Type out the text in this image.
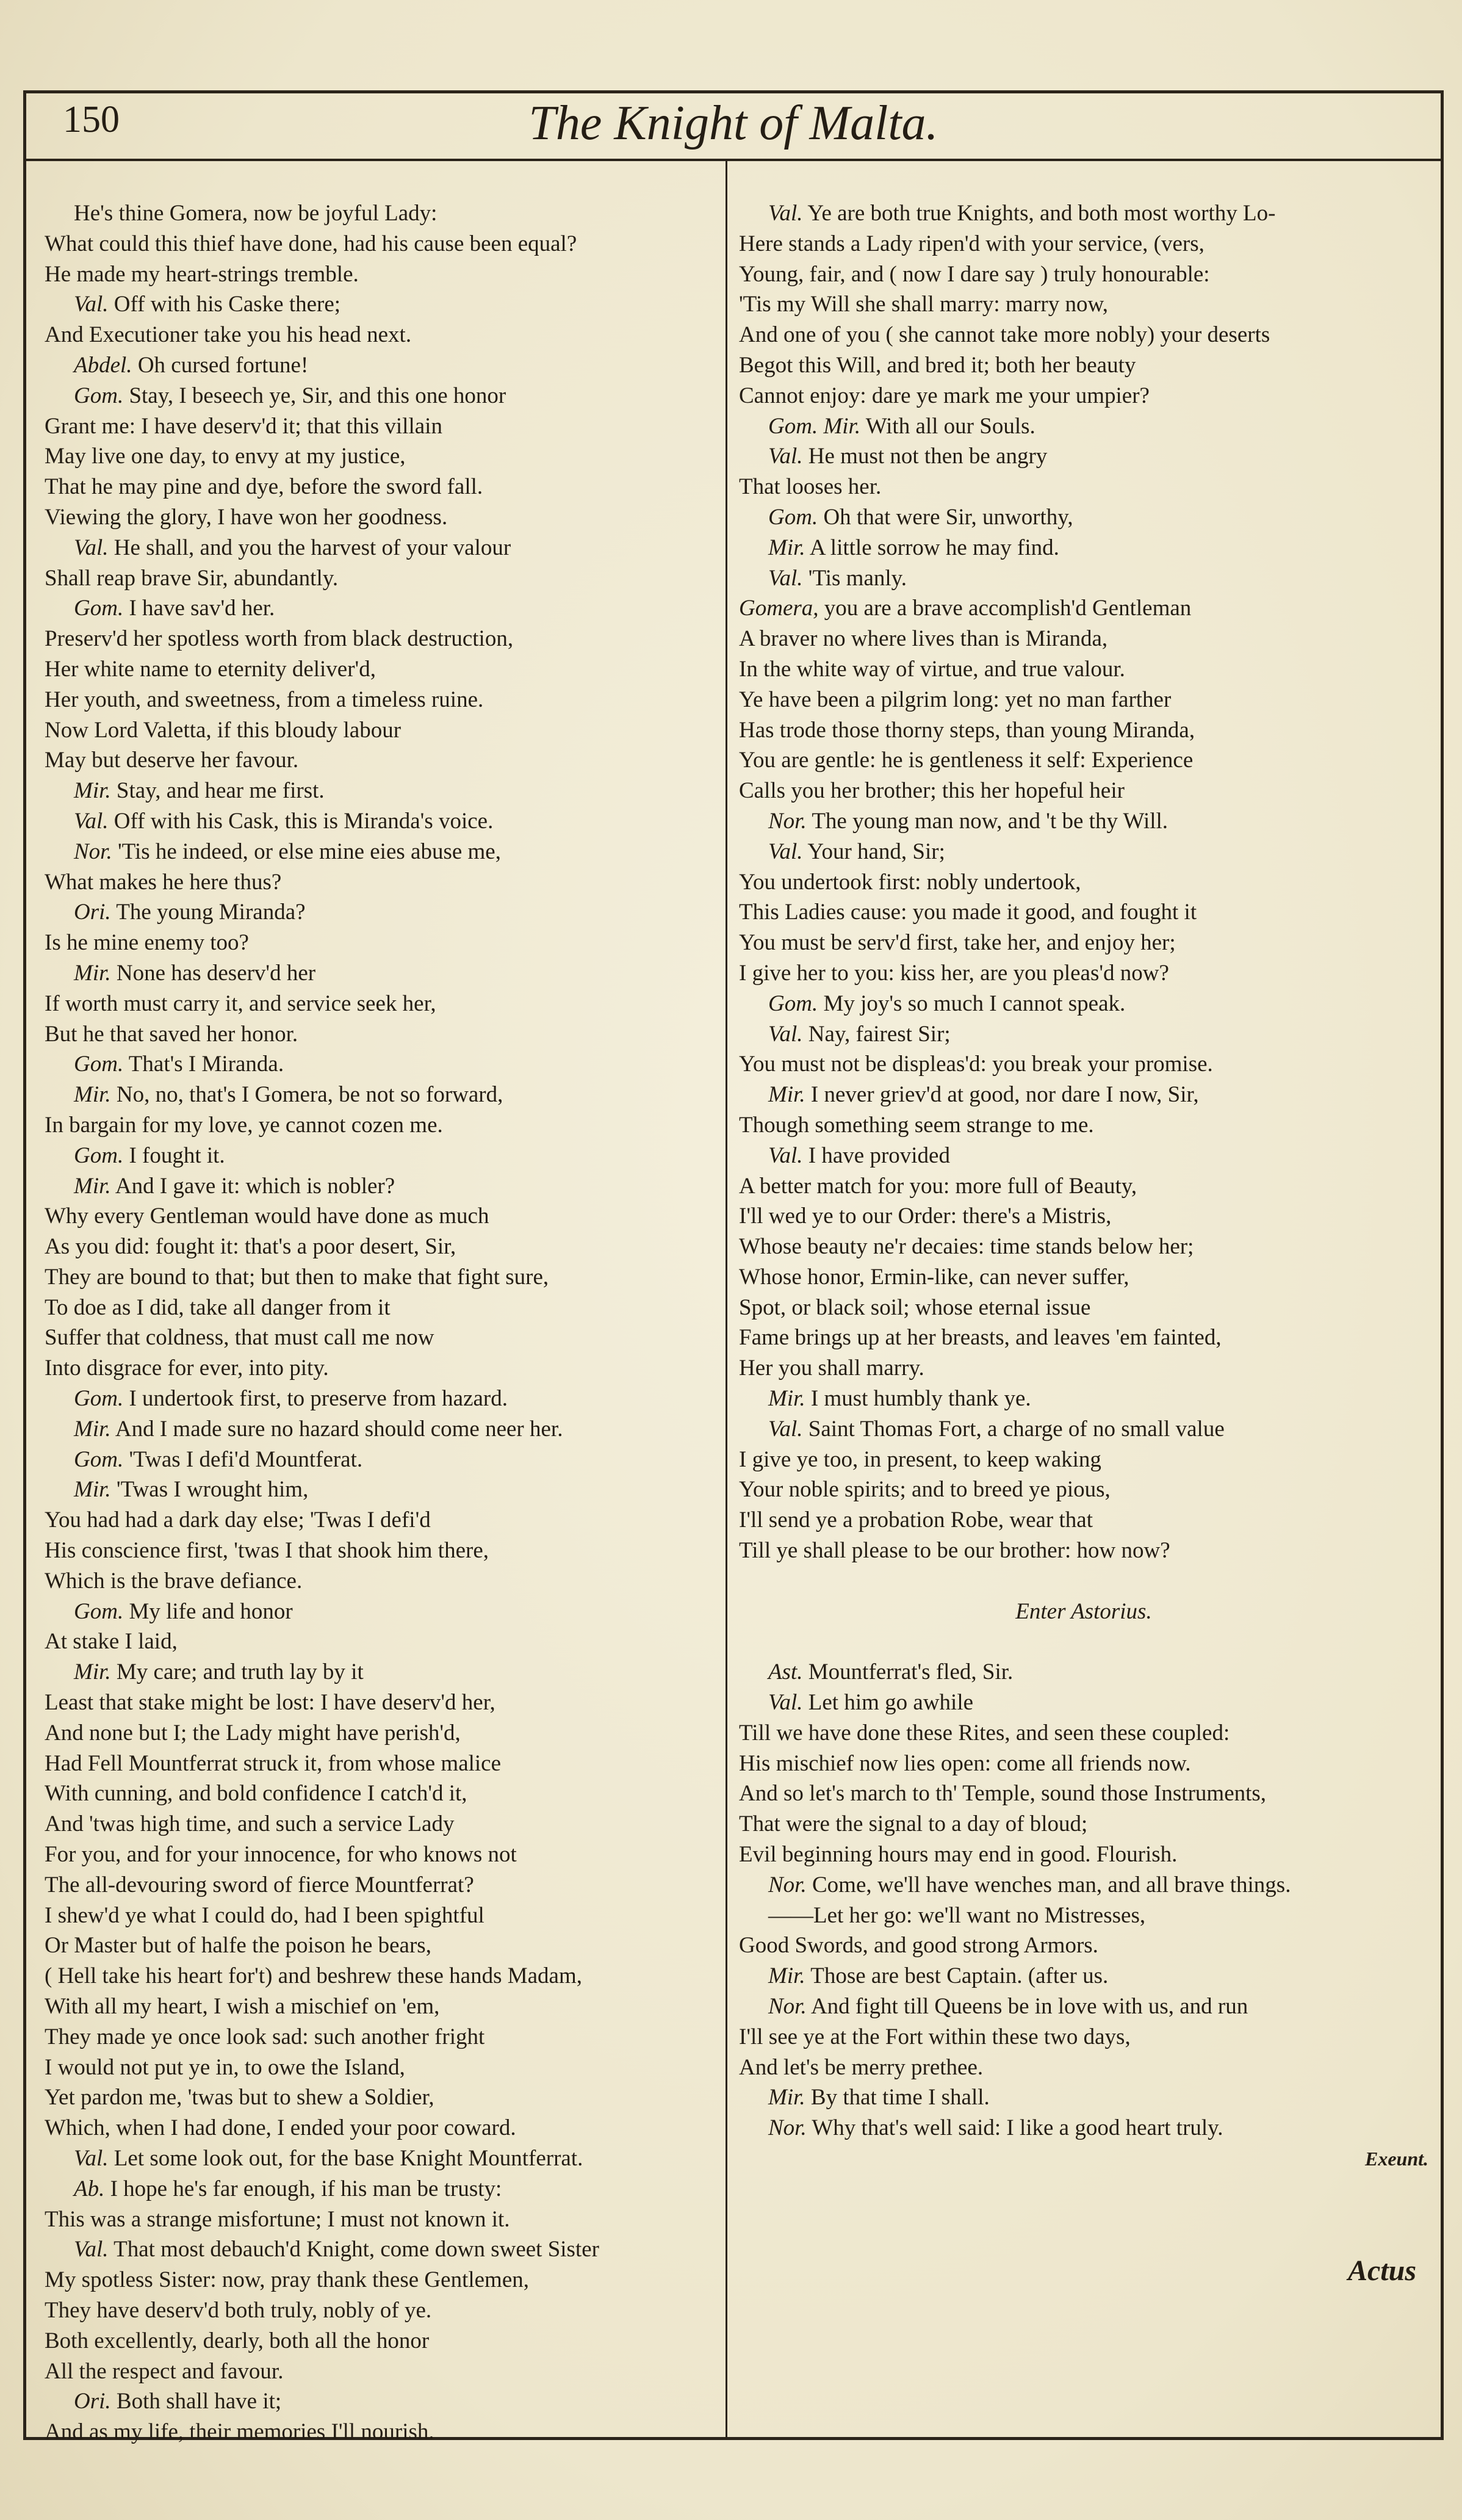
150	The Knight of Malta.
He's thine Gomera, now be joyful Lady:
What could this thief have done, had his cause been equal?
He made my heart-strings tremble.
Val. Off with his Caske there;
And Executioner take you his head next.
Abdel. Oh cursed fortune!
Gom. Stay, I beseech ye, Sir, and this one honor
Grant me: I have deserv'd it; that this villain
May live one day, to envy at my justice,
That he may pine and dye, before the sword fall.
Viewing the glory, I have won her goodness.
Val. He shall, and you the harvest of your valour
Shall reap brave Sir, abundantly.
Gom. I have sav'd her.
Preserv'd her spotless worth from black destruction,
Her white name to eternity deliver'd,
Her youth, and sweetness, from a timeless ruine.
Now Lord Valetta, if this bloudy labour
May but deserve her favour.
Mir. Stay, and hear me first.
Val. Off with his Cask, this is Miranda's voice.
Nor. 'Tis he indeed, or else mine eies abuse me,
What makes he here thus?
Ori. The young Miranda?
Is he mine enemy too?
Mir. None has deserv'd her
If worth must carry it, and service seek her,
But he that saved her honor.
Gom. That's I Miranda.
Mir. No, no, that's I Gomera, be not so forward,
In bargain for my love, ye cannot cozen me.
Gom. I fought it.
Mir. And I gave it: which is nobler?
Why every Gentleman would have done as much
As you did: fought it: that's a poor desert, Sir,
They are bound to that; but then to make that fight sure,
To doe as I did, take all danger from it
Suffer that coldness, that must call me now
Into disgrace for ever, into pity.
Gom. I undertook first, to preserve from hazard.
Mir. And I made sure no hazard should come neer her.
Gom. 'Twas I defi'd Mountferat.
Mir. 'Twas I wrought him,
You had had a dark day else; 'Twas I defi'd
His conscience first, 'twas I that shook him there,
Which is the brave defiance.
Gom. My life and honor
At stake I laid,
Mir. My care; and truth lay by it
Least that stake might be lost: I have deserv'd her,
And none but I; the Lady might have perish'd,
Had Fell Mountferrat struck it, from whose malice
With cunning, and bold confidence I catch'd it,
And 'twas high time, and such a service Lady
For you, and for your innocence, for who knows not
The all-devouring sword of fierce Mountferrat?
I shew'd ye what I could do, had I been spightful
Or Master but of halfe the poison he bears,
( Hell take his heart for't) and beshrew these hands Madam,
With all my heart, I wish a mischief on 'em,
They made ye once look sad: such another fright
I would not put ye in, to owe the Island,
Yet pardon me, 'twas but to shew a Soldier,
Which, when I had done, I ended your poor coward.
Val. Let some look out, for the base Knight Mountferrat.
Ab. I hope he's far enough, if his man be trusty:
This was a strange misfortune; I must not known it.
Val. That most debauch'd Knight, come down sweet Sister
My spotless Sister: now, pray thank these Gentlemen,
They have deserv'd both truly, nobly of ye.
Both excellently, dearly, both all the honor
All the respect and favour.
Ori. Both shall have it;
And as my life, their memories I'll nourish.
Val. Ye are both true Knights, and both most worthy Lo-
Here stands a Lady ripen'd with your service, (vers,
Young, fair, and ( now I dare say ) truly honourable:
'Tis my Will she shall marry: marry now,
And one of you ( she cannot take more nobly) your deserts
Begot this Will, and bred it; both her beauty
Cannot enjoy: dare ye mark me your umpier?
Gom. Mir. With all our Souls.
Val. He must not then be angry
That looses her.
Gom. Oh that were Sir, unworthy,
Mir. A little sorrow he may find.
Val. 'Tis manly.
Gomera, you are a brave accomplish'd Gentleman
A braver no where lives than is Miranda,
In the white way of virtue, and true valour.
Ye have been a pilgrim long: yet no man farther
Has trode those thorny steps, than young Miranda,
You are gentle: he is gentleness it self: Experience
Calls you her brother; this her hopeful heir
Nor. The young man now, and 't be thy Will.
Val. Your hand, Sir;
You undertook first: nobly undertook,
This Ladies cause: you made it good, and fought it
You must be serv'd first, take her, and enjoy her;
I give her to you: kiss her, are you pleas'd now?
Gom. My joy's so much I cannot speak.
Val. Nay, fairest Sir;
You must not be displeas'd: you break your promise.
Mir. I never griev'd at good, nor dare I now, Sir,
Though something seem strange to me.
Val. I have provided
A better match for you: more full of Beauty,
I'll wed ye to our Order: there's a Mistris,
Whose beauty ne'r decaies: time stands below her;
Whose honor, Ermin-like, can never suffer,
Spot, or black soil; whose eternal issue
Fame brings up at her breasts, and leaves 'em fainted,
Her you shall marry.
Mir. I must humbly thank ye.
Val. Saint Thomas Fort, a charge of no small value
I give ye too, in present, to keep waking
Your noble spirits; and to breed ye pious,
I'll send ye a probation Robe, wear that
Till ye shall please to be our brother: how now?
Enter Astorius.
Ast. Mountferrat's fled, Sir.
Val. Let him go awhile
Till we have done these Rites, and seen these coupled:
His mischief now lies open: come all friends now.
And so let's march to th' Temple, sound those Instruments,
That were the signal to a day of bloud;
Evil beginning hours may end in good. Flourish.
Nor. Come, we'll have wenches man, and all brave things.
——Let her go: we'll want no Mistresses,
Good Swords, and good strong Armors.
Mir. Those are best Captain. (after us.
Nor. And fight till Queens be in love with us, and run
I'll see ye at the Fort within these two days,
And let's be merry prethee.
Mir. By that time I shall.
Nor. Why that's well said: I like a good heart truly.
Exeunt.
Actus
